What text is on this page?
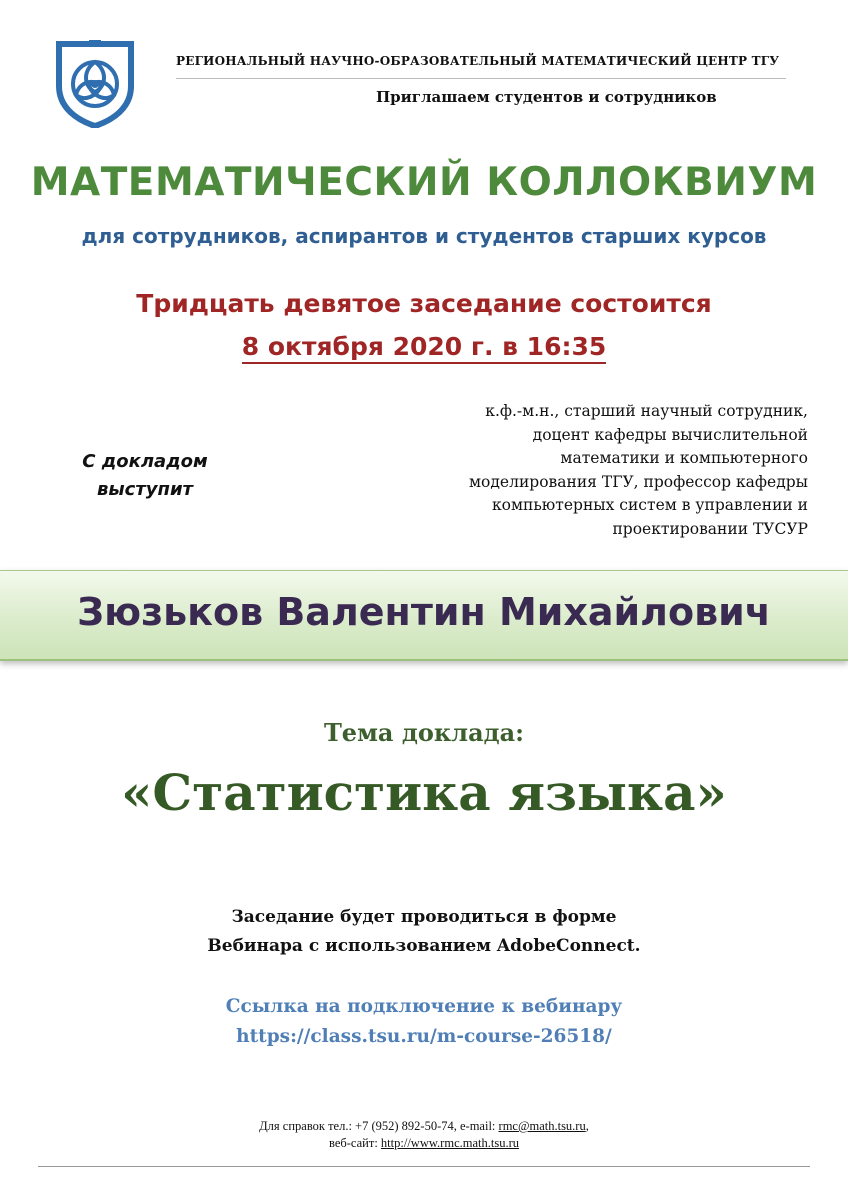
РЕГИОНАЛЬНЫЙ НАУЧНО-ОБРАЗОВАТЕЛЬНЫЙ МАТЕМАТИЧЕСКИЙ ЦЕНТР ТГУ
Приглашаем студентов и сотрудников
МАТЕМАТИЧЕСКИЙ КОЛЛОКВИУМ
для сотрудников, аспирантов и студентов старших курсов
Тридцать девятое заседание состоится
8 октября 2020 г. в 16:35
С докладом
выступит
к.ф.-м.н., старший научный сотрудник,
доцент кафедры вычислительной
математики и компьютерного
моделирования ТГУ, профессор кафедры
компьютерных систем в управлении и
проектировании ТУСУР
Зюзьков Валентин Михайлович
Тема доклада:
«Статистика языка»
Заседание будет проводиться в форме
Вебинара с использованием AdobeConnect.
Ссылка на подключение к вебинару
https://class.tsu.ru/m-course-26518/
Для справок тел.: +7 (952) 892-50-74, e-mail: rmc@math.tsu.ru,
веб-сайт: http://www.rmc.math.tsu.ru
